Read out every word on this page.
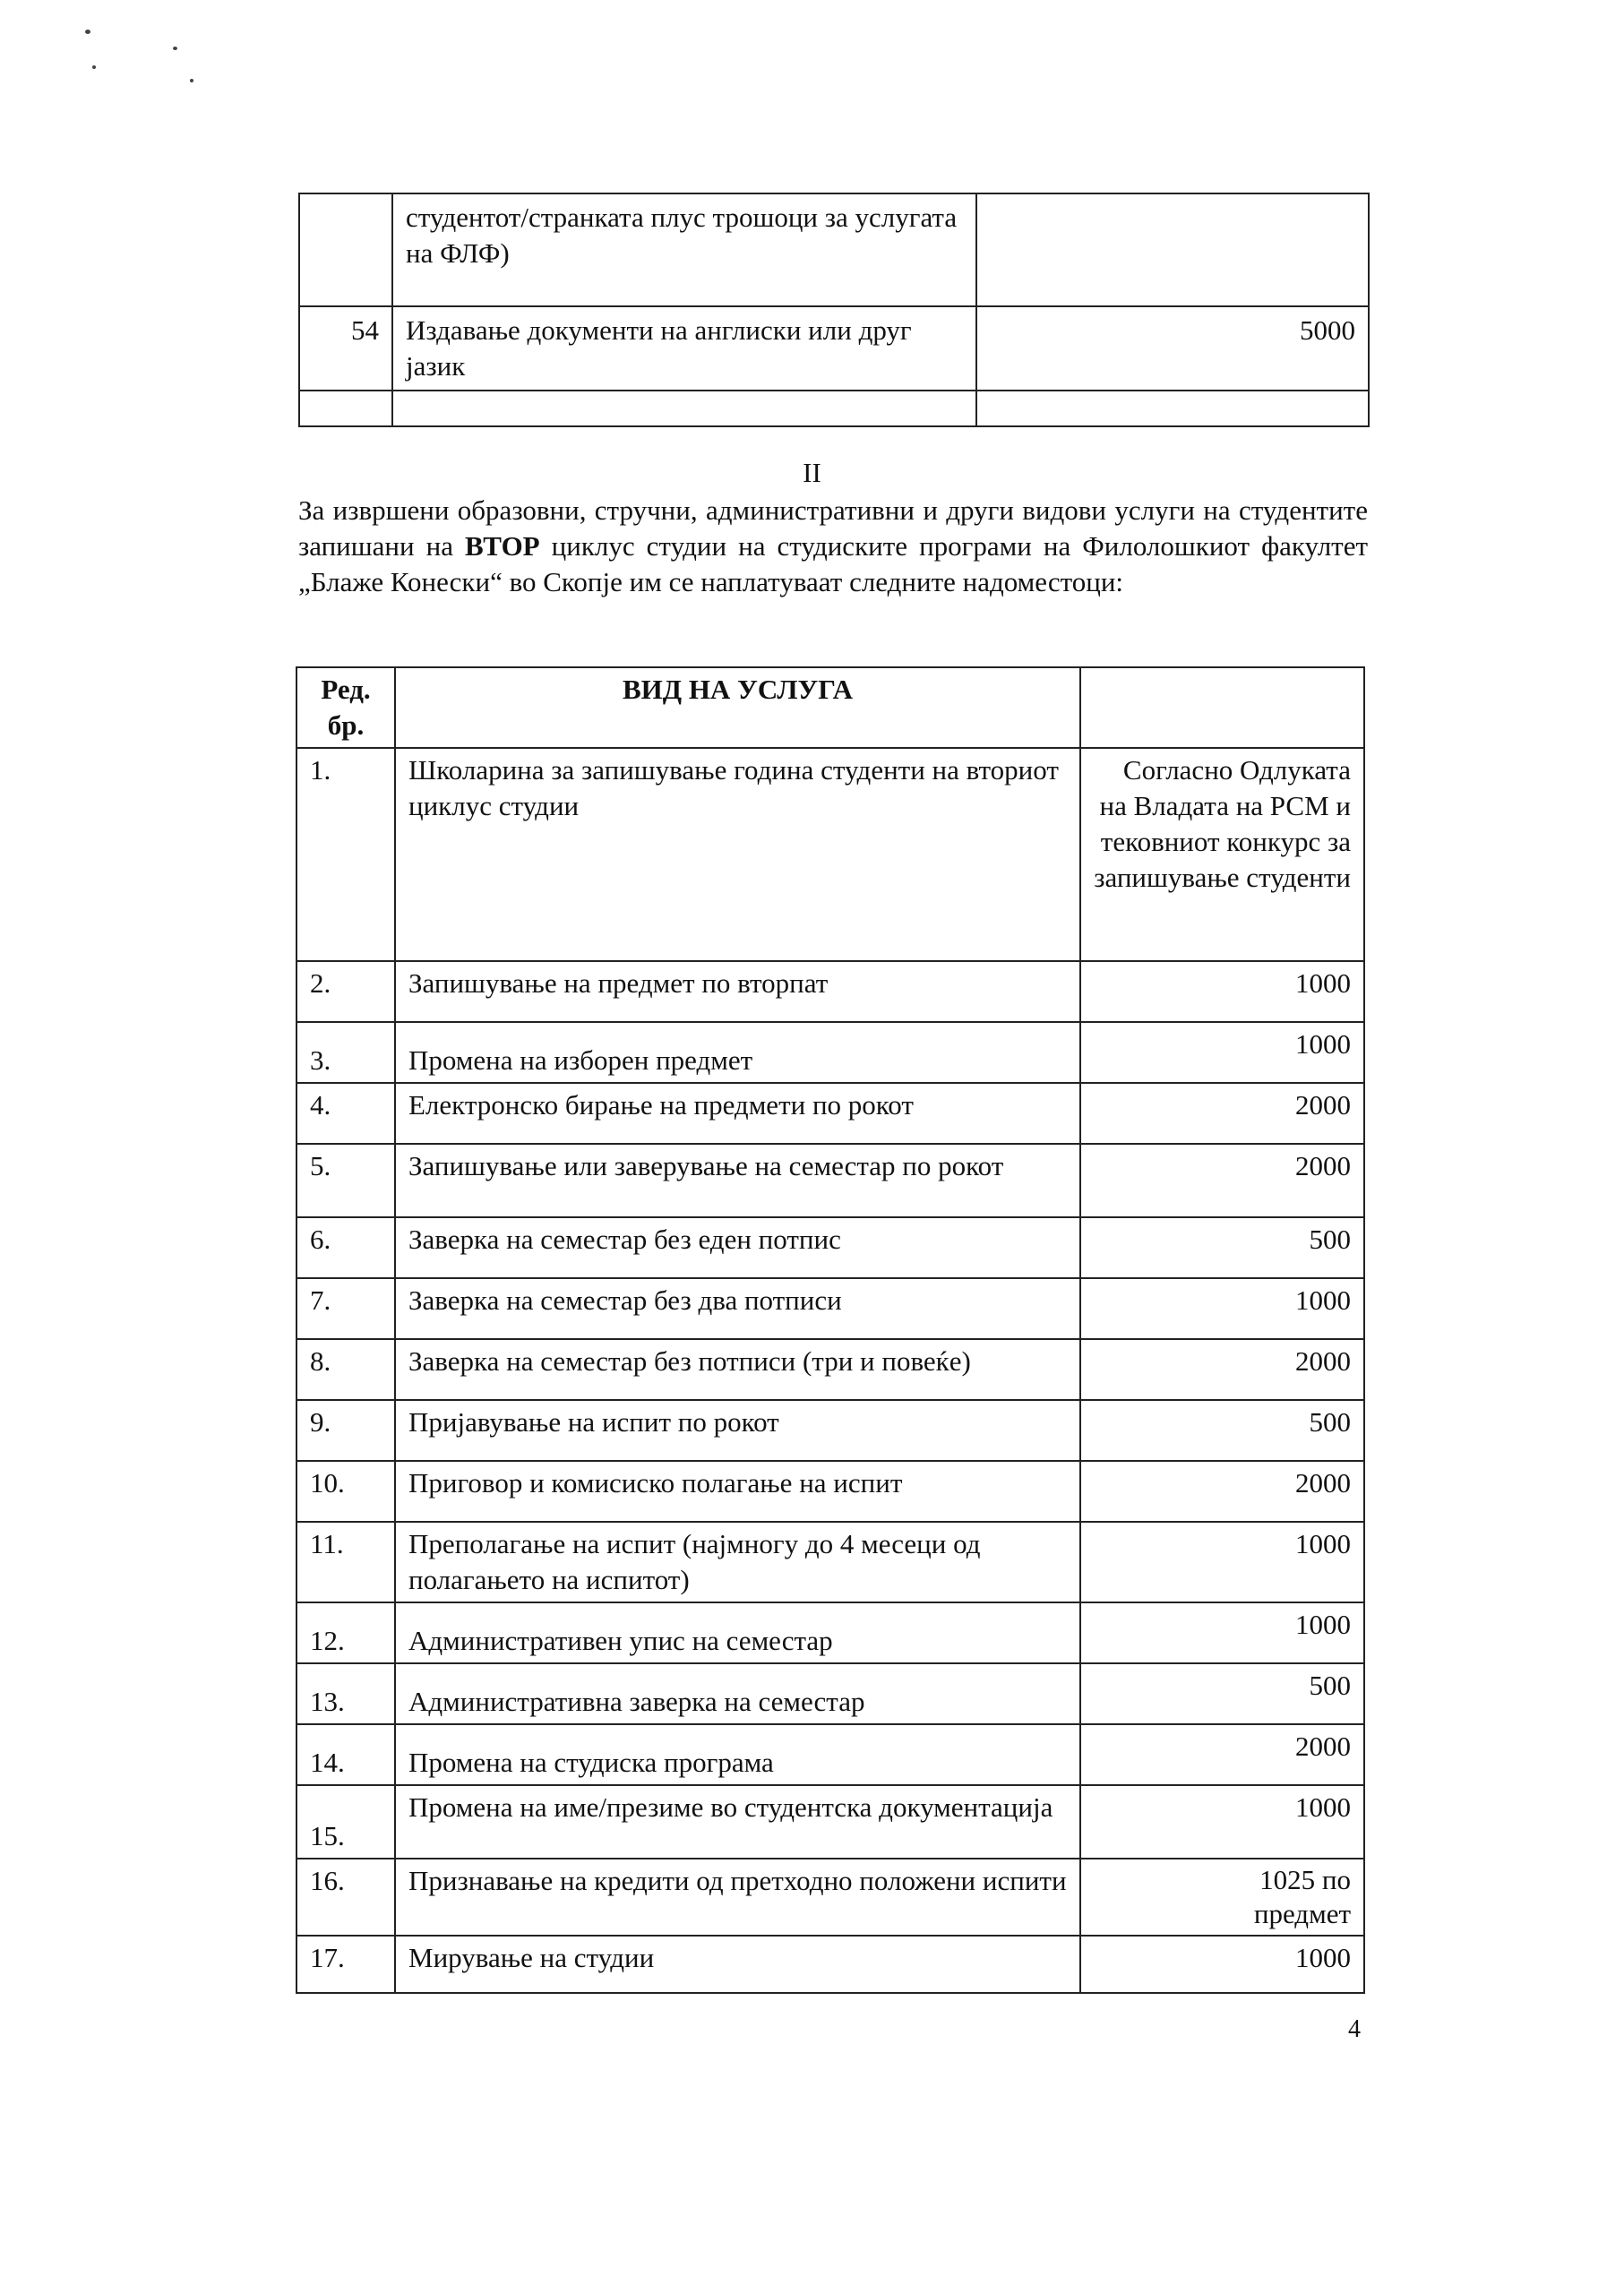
	студентот/странката плус трошоци за услугата на ФЛФ)	
54	Издавање документи на англиски или друг јазик	5000

II

За извршени образовни, стручни, административни и други видови услуги на студентите запишани на ВТОР циклус студии на студиските програми на Филолошкиот факултет „Блаже Конески“ во Скопје им се наплатуваат следните надоместоци:

Ред. бр.	ВИД НА УСЛУГА	
1.	Школарина за запишување година студенти на вториот циклус студии	Согласно Одлуката на Владата на РСМ и тековниот конкурс за запишување студенти
2.	Запишување на предмет по вторпат	1000
3.	Промена на изборен предмет	1000
4.	Електронско бирање на предмети по рокот	2000
5.	Запишување или заверување на семестар по рокот	2000
6.	Заверка на семестар без еден потпис	500
7.	Заверка на семестар без два потписи	1000
8.	Заверка на семестар без потписи (три и повеќе)	2000
9.	Пријавување на испит по рокот	500
10.	Приговор и комисиско полагање на испит	2000
11.	Преполагање на испит (најмногу до 4 месеци од полагањето на испитот)	1000
12.	Административен упис на семестар	1000
13.	Административна заверка на семестар	500
14.	Промена на студиска програма	2000
15.	Промена на име/презиме во студентска документација	1000
16.	Признавање на кредити од претходно положени испити	1025 по предмет
17.	Мирување на студии	1000
4
